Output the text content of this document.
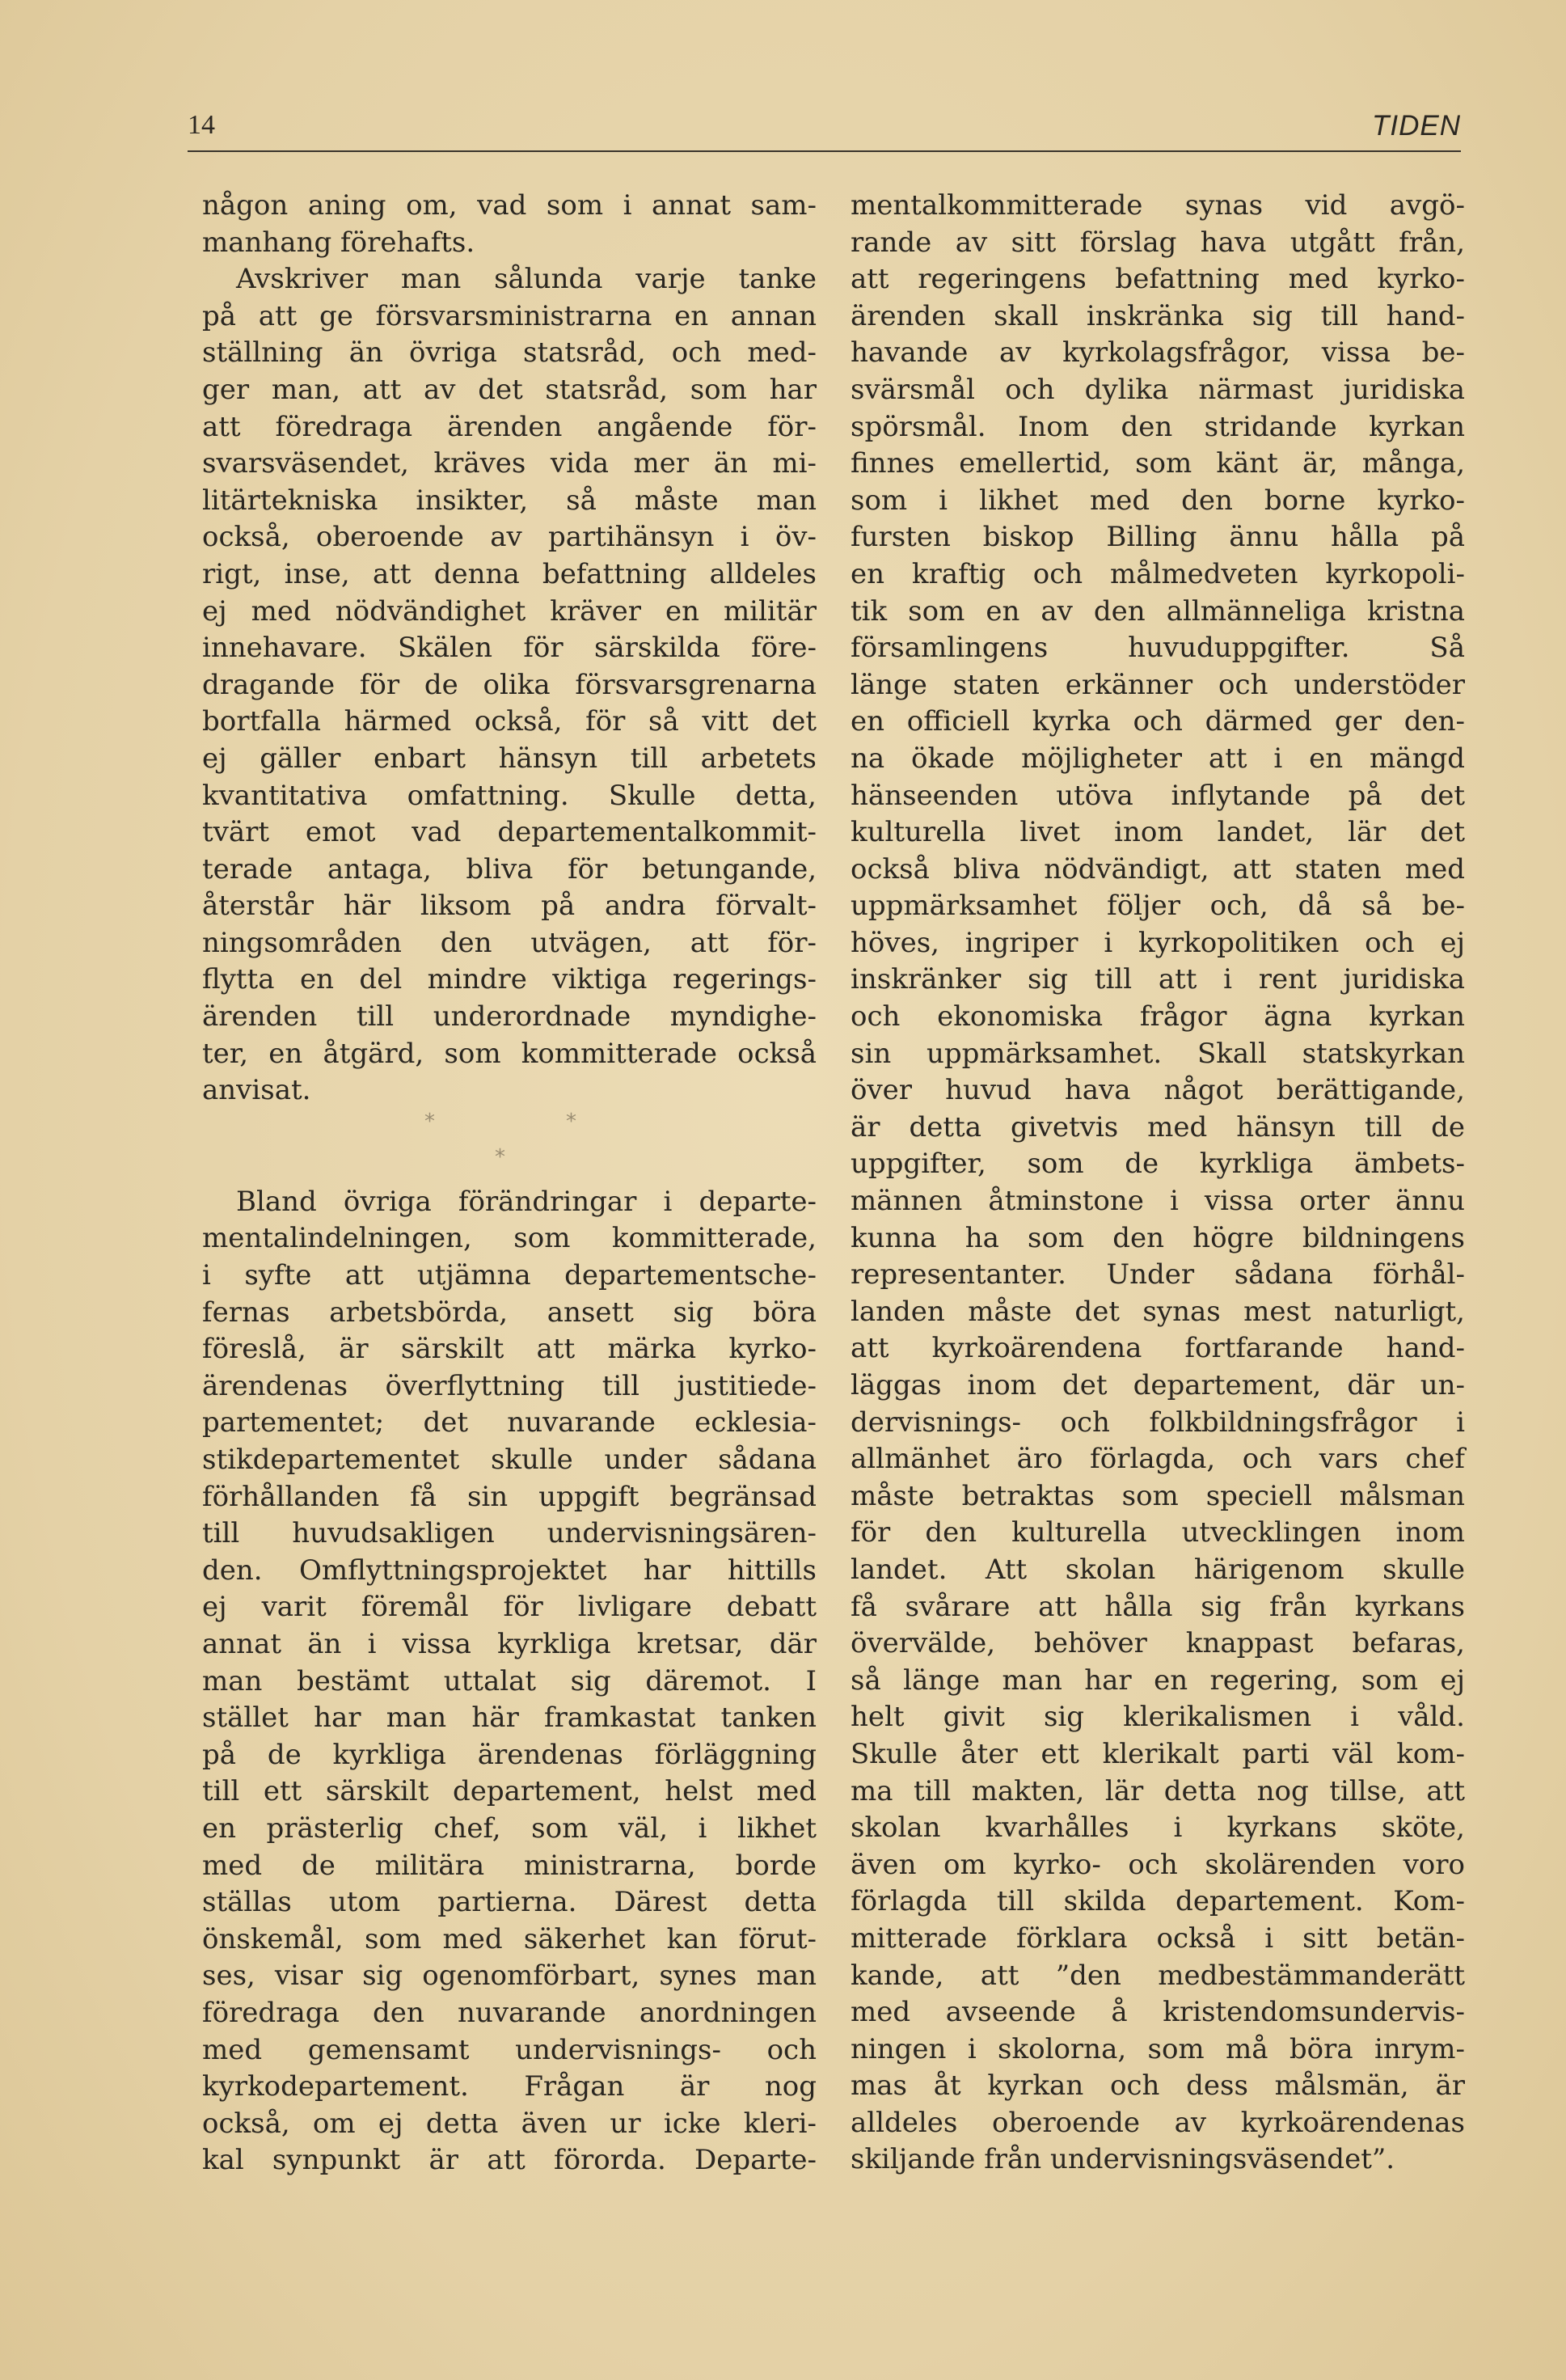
14	TIDEN
någon aning om, vad som i annat sam-
manhang förehafts.
Avskriver man sålunda varje tanke
på att ge försvarsministrarna en annan
ställning än övriga statsråd, och med-
ger man, att av det statsråd, som har
att föredraga ärenden angående för-
svarsväsendet, kräves vida mer än mi-
litärtekniska insikter, så måste man
också, oberoende av partihänsyn i öv-
rigt, inse, att denna befattning alldeles
ej med nödvändighet kräver en militär
innehavare. Skälen för särskilda före-
dragande för de olika försvarsgrenarna
bortfalla härmed också, för så vitt det
ej gäller enbart hänsyn till arbetets
kvantitativa omfattning. Skulle detta,
tvärt emot vad departementalkommit-
terade antaga, bliva för betungande,
återstår här liksom på andra förvalt-
ningsområden den utvägen, att för-
flytta en del mindre viktiga regerings-
ärenden till underordnade myndighe-
ter, en åtgärd, som kommitterade också
anvisat.
*	*
*
Bland övriga förändringar i departe-
mentalindelningen, som kommitterade,
i syfte att utjämna departementsche-
fernas arbetsbörda, ansett sig böra
föreslå, är särskilt att märka kyrko-
ärendenas överflyttning till justitiede-
partementet; det nuvarande ecklesia-
stikdepartementet skulle under sådana
förhållanden få sin uppgift begränsad
till huvudsakligen undervisningsären-
den. Omflyttningsprojektet har hittills
ej varit föremål för livligare debatt
annat än i vissa kyrkliga kretsar, där
man bestämt uttalat sig däremot. I
stället har man här framkastat tanken
på de kyrkliga ärendenas förläggning
till ett särskilt departement, helst med
en prästerlig chef, som väl, i likhet
med de militära ministrarna, borde
ställas utom partierna. Därest detta
önskemål, som med säkerhet kan förut-
ses, visar sig ogenomförbart, synes man
föredraga den nuvarande anordningen
med gemensamt undervisnings- och
kyrkodepartement. Frågan är nog
också, om ej detta även ur icke kleri-
kal synpunkt är att förorda. Departe-
mentalkommitterade synas vid avgö-
rande av sitt förslag hava utgått från,
att regeringens befattning med kyrko-
ärenden skall inskränka sig till hand-
havande av kyrkolagsfrågor, vissa be-
svärsmål och dylika närmast juridiska
spörsmål. Inom den stridande kyrkan
finnes emellertid, som känt är, många,
som i likhet med den borne kyrko-
fursten biskop Billing ännu hålla på
en kraftig och målmedveten kyrkopoli-
tik som en av den allmänneliga kristna
församlingens huvuduppgifter. Så
länge staten erkänner och understöder
en officiell kyrka och därmed ger den-
na ökade möjligheter att i en mängd
hänseenden utöva inflytande på det
kulturella livet inom landet, lär det
också bliva nödvändigt, att staten med
uppmärksamhet följer och, då så be-
höves, ingriper i kyrkopolitiken och ej
inskränker sig till att i rent juridiska
och ekonomiska frågor ägna kyrkan
sin uppmärksamhet. Skall statskyrkan
över huvud hava något berättigande,
är detta givetvis med hänsyn till de
uppgifter, som de kyrkliga ämbets-
männen åtminstone i vissa orter ännu
kunna ha som den högre bildningens
representanter. Under sådana förhål-
landen måste det synas mest naturligt,
att kyrkoärendena fortfarande hand-
läggas inom det departement, där un-
dervisnings- och folkbildningsfrågor i
allmänhet äro förlagda, och vars chef
måste betraktas som speciell målsman
för den kulturella utvecklingen inom
landet. Att skolan härigenom skulle
få svårare att hålla sig från kyrkans
övervälde, behöver knappast befaras,
så länge man har en regering, som ej
helt givit sig klerikalismen i våld.
Skulle åter ett klerikalt parti väl kom-
ma till makten, lär detta nog tillse, att
skolan kvarhålles i kyrkans sköte,
även om kyrko- och skolärenden voro
förlagda till skilda departement. Kom-
mitterade förklara också i sitt betän-
kande, att ”den medbestämmanderätt
med avseende å kristendomsundervis-
ningen i skolorna, som må böra inrym-
mas åt kyrkan och dess målsmän, är
alldeles oberoende av kyrkoärendenas
skiljande från undervisningsväsendet”.
